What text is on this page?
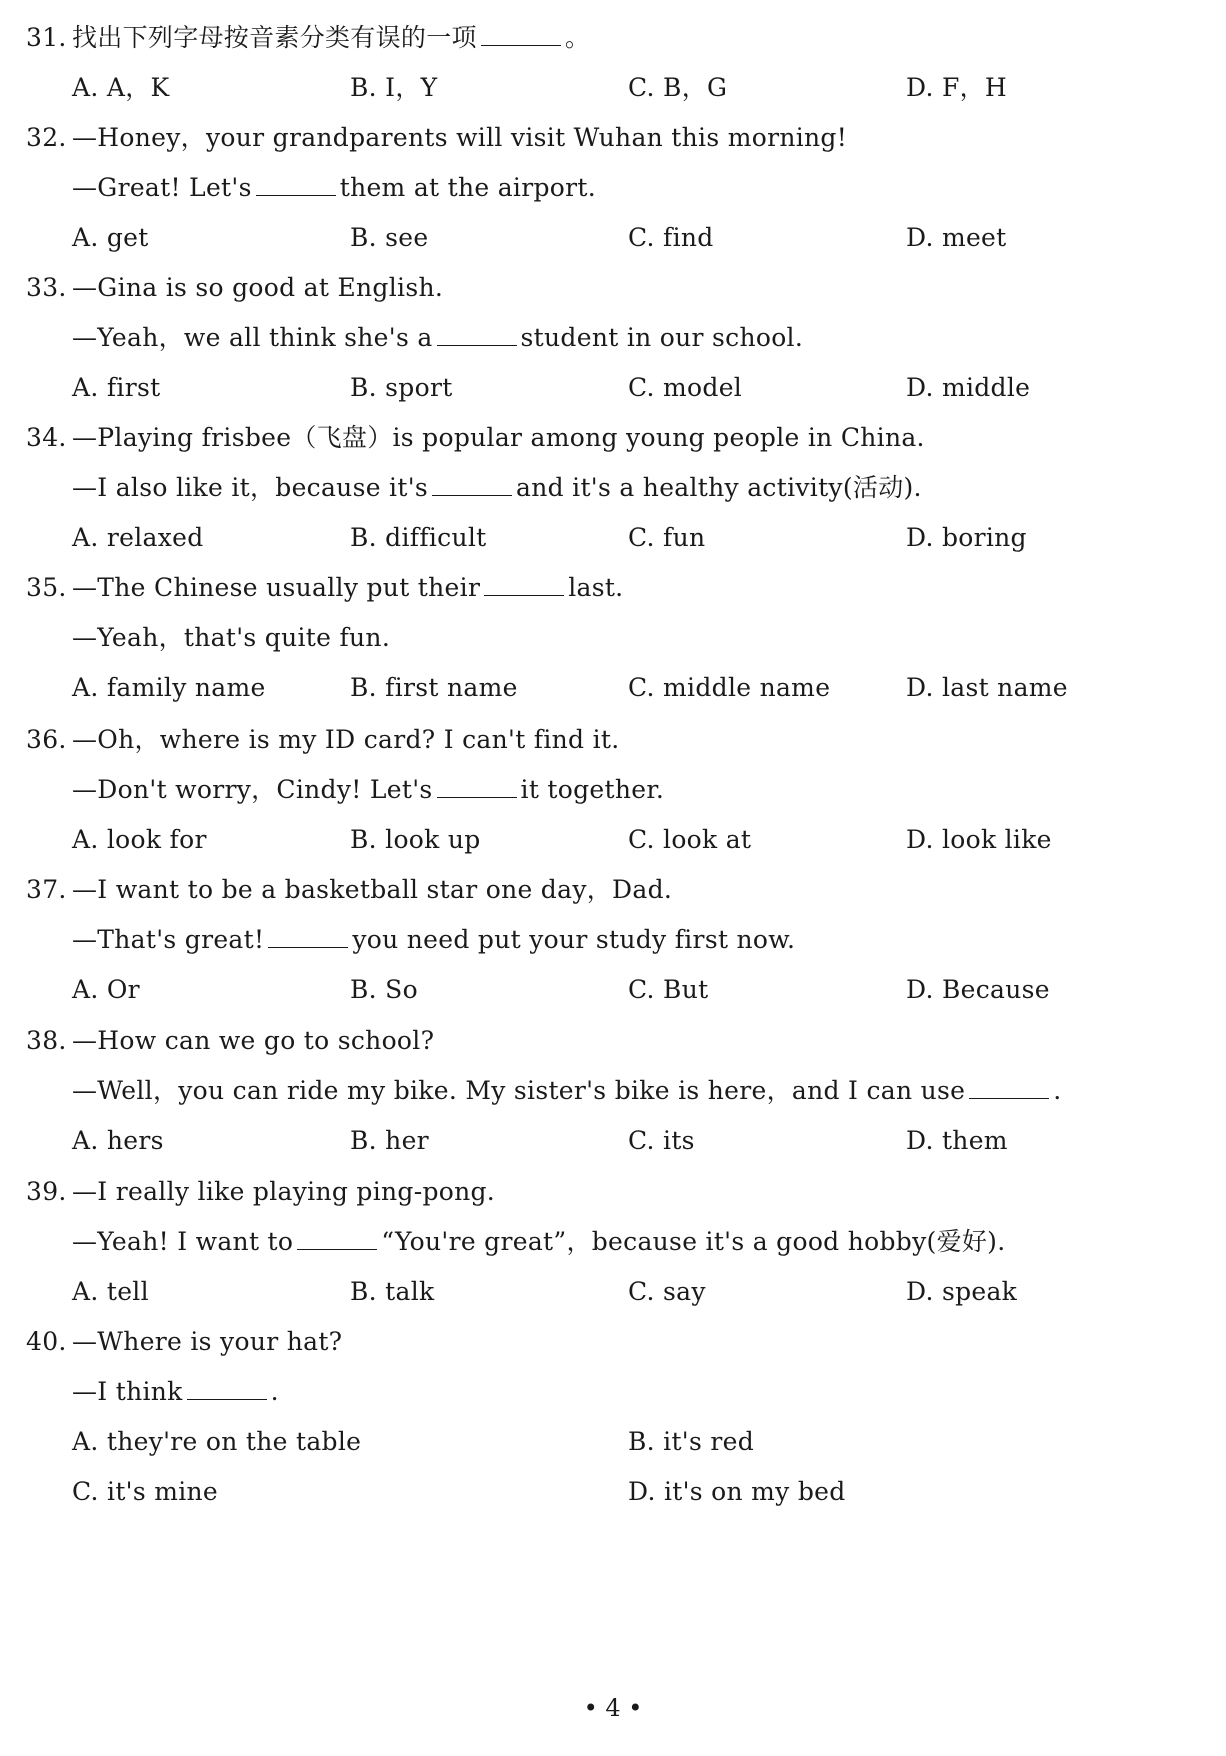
31. 找出下列字母按音素分类有误的一项	。
A. A，K	B. I，Y	C. B，G	D. F，H
32. —Honey，your grandparents will visit Wuhan this morning!
—Great! Let's	them at the airport.
A. get	B. see	C. find	D. meet
33. —Gina is so good at English.
—Yeah，we all think she's a	student in our school.
A. first	B. sport	C. model	D. middle
34. —Playing frisbee（飞盘）is popular among young people in China.
—I also like it，because it's	and it's a healthy activity(活动).
A. relaxed	B. difficult	C. fun	D. boring
35. —The Chinese usually put their	last.
—Yeah，that's quite fun.
A. family name	B. first name	C. middle name	D. last name
36. —Oh，where is my ID card? I can't find it.
—Don't worry，Cindy! Let's	it together.
A. look for	B. look up	C. look at	D. look like
37. —I want to be a basketball star one day，Dad.
—That's great!	you need put your study first now.
A. Or	B. So	C. But	D. Because
38. —How can we go to school?
—Well，you can ride my bike. My sister's bike is here，and I can use	.
A. hers	B. her	C. its	D. them
39. —I really like playing ping-pong.
—Yeah! I want to	“You're great”，because it's a good hobby(爱好).
A. tell	B. talk	C. say	D. speak
40. —Where is your hat?
—I think	.
A. they're on the table	B. it's red
C. it's mine	D. it's on my bed
• 4 •
